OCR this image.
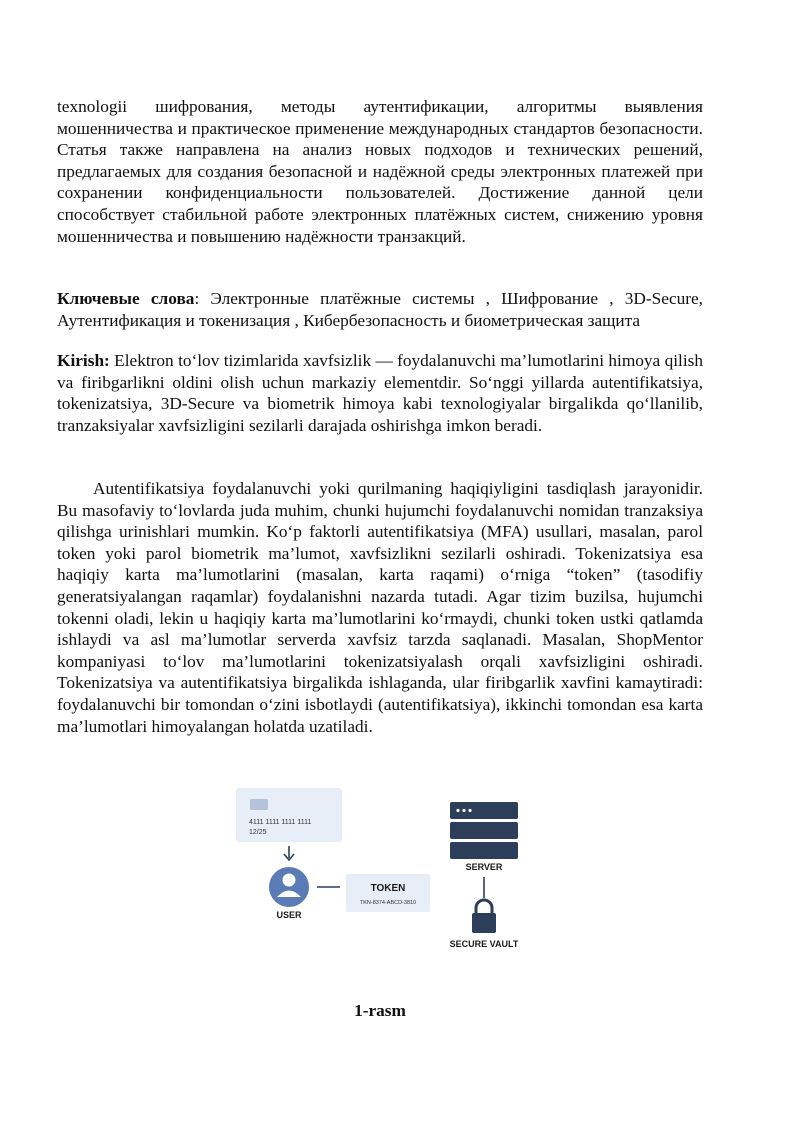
texnologii шифрования, методы аутентификации, алгоритмы выявления мошенничества и практическое применение международных стандартов безопасности. Статья также направлена на анализ новых подходов и технических решений, предлагаемых для создания безопасной и надёжной среды электронных платежей при сохранении конфиденциальности пользователей. Достижение данной цели способствует стабильной работе электронных платёжных систем, снижению уровня мошенничества и повышению надёжности транзакций.

Ключевые слова: Электронные платёжные системы , Шифрование , 3D-Secure, Аутентификация и токенизация , Кибербезопасность и биометрическая защита

Kirish: Elektron to‘lov tizimlarida xavfsizlik — foydalanuvchi ma’lumotlarini himoya qilish va firibgarlikni oldini olish uchun markaziy elementdir. So‘nggi yillarda autentifikatsiya, tokenizatsiya, 3D-Secure va biometrik himoya kabi texnologiyalar birgalikda qo‘llanilib, tranzaksiyalar xavfsizligini sezilarli darajada oshirishga imkon beradi.

Autentifikatsiya foydalanuvchi yoki qurilmaning haqiqiyligini tasdiqlash jarayonidir. Bu masofaviy to‘lovlarda juda muhim, chunki hujumchi foydalanuvchi nomidan tranzaksiya qilishga urinishlari mumkin. Ko‘p faktorli autentifikatsiya (MFA) usullari, masalan, parol token yoki parol biometrik ma’lumot, xavfsizlikni sezilarli oshiradi. Tokenizatsiya esa haqiqiy karta ma’lumotlarini (masalan, karta raqami) o‘rniga “token” (tasodifiy generatsiyalangan raqamlar) foydalanishni nazarda tutadi. Agar tizim buzilsa, hujumchi tokenni oladi, lekin u haqiqiy karta ma’lumotlarini ko‘rmaydi, chunki token ustki qatlamda ishlaydi va asl ma’lumotlar serverda xavfsiz tarzda saqlanadi. Masalan, ShopMentor kompaniyasi to‘lov ma’lumotlarini tokenizatsiyalash orqali xavfsizligini oshiradi. Tokenizatsiya va autentifikatsiya birgalikda ishlaganda, ular firibgarlik xavfini kamaytiradi: foydalanuvchi bir tomondan o‘zini isbotlaydi (autentifikatsiya), ikkinchi tomondan esa karta ma’lumotlari himoyalangan holatda uzatiladi.

4111 1111 1111 1111
12/25
USER
TOKEN
TKN-8374-ABCD-3810
SERVER
SECURE VAULT
1-rasm
